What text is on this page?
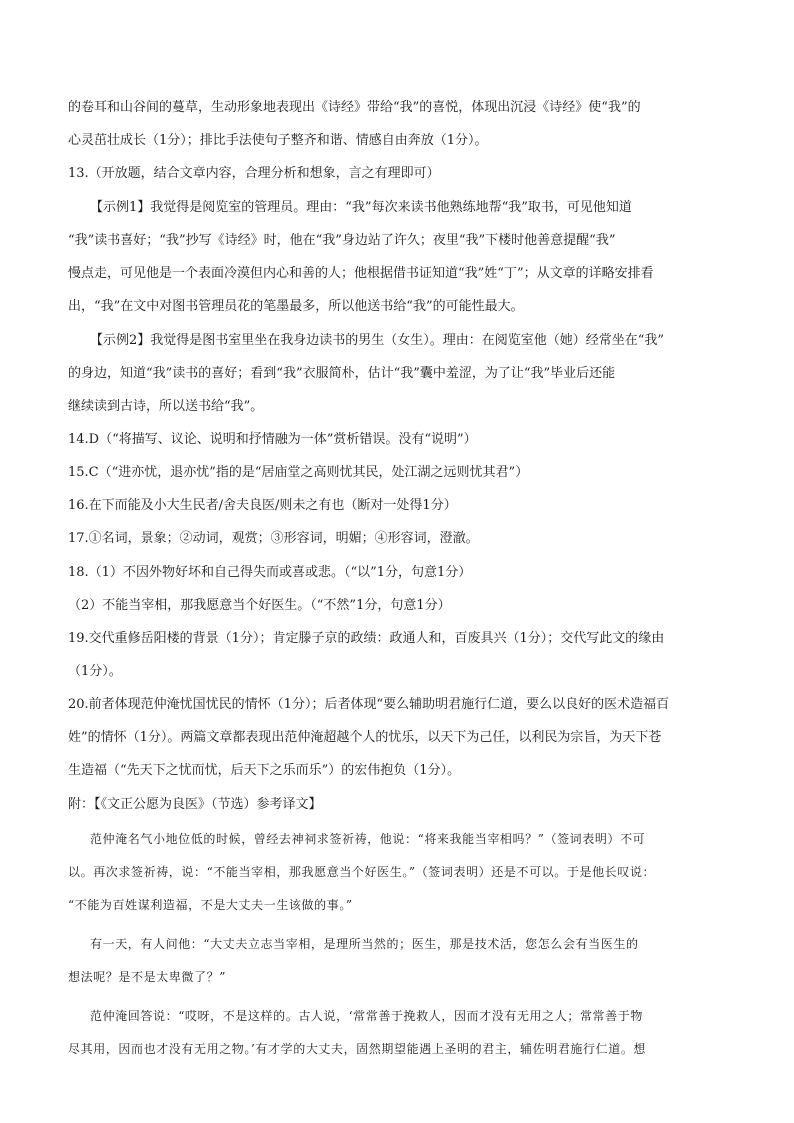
的卷耳和山谷间的蔓草，生动形象地表现出《诗经》带给“我”的喜悦，体现出沉浸《诗经》使“我”的
心灵茁壮成长（1分）；排比手法使句子整齐和谐、情感自由奔放（1分）。
13.（开放题，结合文章内容，合理分析和想象，言之有理即可）
【示例1】我觉得是阅览室的管理员。理由：“我”每次来读书他熟练地帮“我”取书，可见他知道
“我”读书喜好；“我”抄写《诗经》时，他在“我”身边站了许久；夜里“我”下楼时他善意提醒“我”
慢点走，可见他是一个表面冷漠但内心和善的人；他根据借书证知道“我”姓“丁”；从文章的详略安排看
出，“我”在文中对图书管理员花的笔墨最多，所以他送书给“我”的可能性最大。
【示例2】我觉得是图书室里坐在我身边读书的男生（女生）。理由：在阅览室他（她）经常坐在“我”
的身边，知道“我”读书的喜好；看到“我”衣服简朴，估计“我”囊中羞涩，为了让“我”毕业后还能
继续读到古诗，所以送书给“我”。
14.D（“将描写、议论、说明和抒情融为一体”赏析错误。没有“说明”）
15.C（“进亦忧，退亦忧”指的是“居庙堂之高则忧其民，处江湖之远则忧其君”）
16.在下而能及小大生民者/舍夫良医/则未之有也（断对一处得1分）
17.①名词，景象；②动词，观赏；③形容词，明媚；④形容词，澄澈。
18.（1）不因外物好坏和自己得失而或喜或悲。（“以”1分，句意1分）
（2）不能当宰相，那我愿意当个好医生。（“不然”1分，句意1分）
19.交代重修岳阳楼的背景（1分）；肯定滕子京的政绩：政通人和，百废具兴（1分）；交代写此文的缘由
（1分）。
20.前者体现范仲淹忧国忧民的情怀（1分）；后者体现“要么辅助明君施行仁道，要么以良好的医术造福百
姓”的情怀（1分）。两篇文章都表现出范仲淹超越个人的忧乐，以天下为己任，以利民为宗旨，为天下苍
生造福（“先天下之忧而忧，后天下之乐而乐”）的宏伟抱负（1分）。
附：【《文正公愿为良医》（节选）参考译文】
范仲淹名气小地位低的时候，曾经去神祠求签祈祷，他说：“将来我能当宰相吗？”（签词表明）不可
以。再次求签祈祷，说：“不能当宰相，那我愿意当个好医生。”（签词表明）还是不可以。于是他长叹说：
“不能为百姓谋利造福，不是大丈夫一生该做的事。”
有一天，有人问他：“大丈夫立志当宰相，是理所当然的；医生，那是技术活，您怎么会有当医生的
想法呢？是不是太卑微了？”
范仲淹回答说：“哎呀，不是这样的。古人说，‘常常善于挽救人，因而才没有无用之人；常常善于物
尽其用，因而也才没有无用之物。’有才学的大丈夫，固然期望能遇上圣明的君主，辅佐明君施行仁道。想
